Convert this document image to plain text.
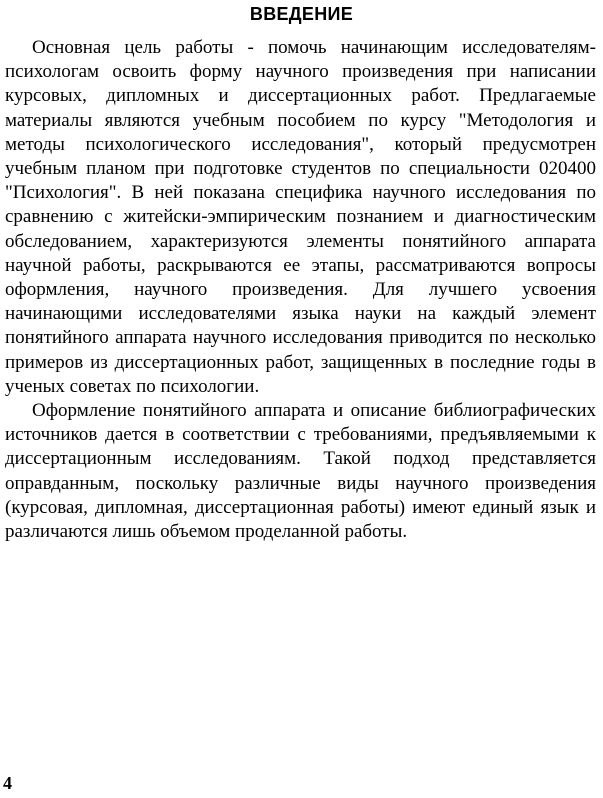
ВВЕДЕНИЕ

Основная цель работы - помочь начинающим исследователям-психологам освоить форму научного произведения при написании курсовых, дипломных и диссертационных работ. Предлагаемые материалы являются учебным пособием по курсу "Методология и методы психологического исследования", который предусмотрен учебным планом при подготовке студентов по специальности 020400 "Психология". В ней показана специфика научного исследования по сравнению с житейски-эмпирическим познанием и диагностическим обследованием, характеризуются элементы понятийного аппарата научной работы, раскрываются ее этапы, рассматриваются вопросы оформления, научного произведения. Для лучшего усвоения начинающими исследователями языка науки на каждый элемент понятийного аппарата научного исследования приводится по несколько примеров из диссертационных работ, защищенных в последние годы в ученых советах по психологии.

Оформление понятийного аппарата и описание библиографических источников дается в соответствии с требованиями, предъявляемыми к диссертационным исследованиям. Такой подход представляется оправданным, поскольку различные виды научного произведения (курсовая, дипломная, диссертационная работы) имеют единый язык и различаются лишь объемом проделанной работы.

4
